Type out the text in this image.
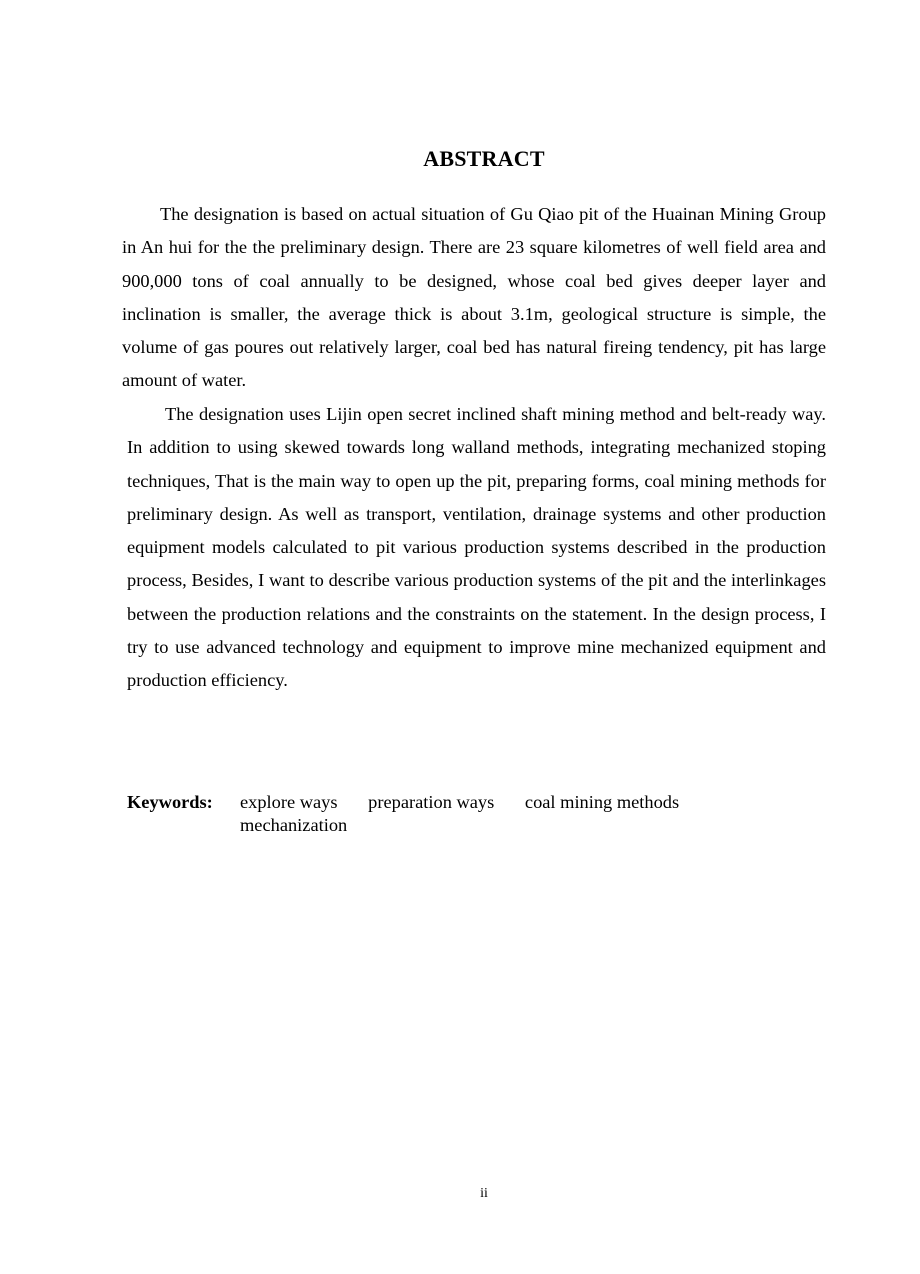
ABSTRACT

The designation is based on actual situation of Gu Qiao pit of the Huainan Mining Group in An hui for the the preliminary design. There are 23 square kilometres of well field area and 900,000 tons of coal annually to be designed, whose coal bed gives deeper layer and inclination is smaller, the average thick is about 3.1m, geological structure is simple, the volume of gas poures out relatively larger, coal bed has natural fireing tendency, pit has large amount of water.

The designation uses Lijin open secret inclined shaft mining method and belt-ready way. In addition to using skewed towards long walland methods, integrating mechanized stoping techniques, That is the main way to open up the pit, preparing forms, coal mining methods for preliminary design. As well as transport, ventilation, drainage systems and other production equipment models calculated to pit various production systems described in the production process, Besides, I want to describe various production systems of the pit and the interlinkages between the production relations and the constraints on the statement. In the design process, I try to use advanced technology and equipment to improve mine mechanized equipment and production efficiency.

Keywords: explore ways preparation ways coal mining methods mechanization
ii
